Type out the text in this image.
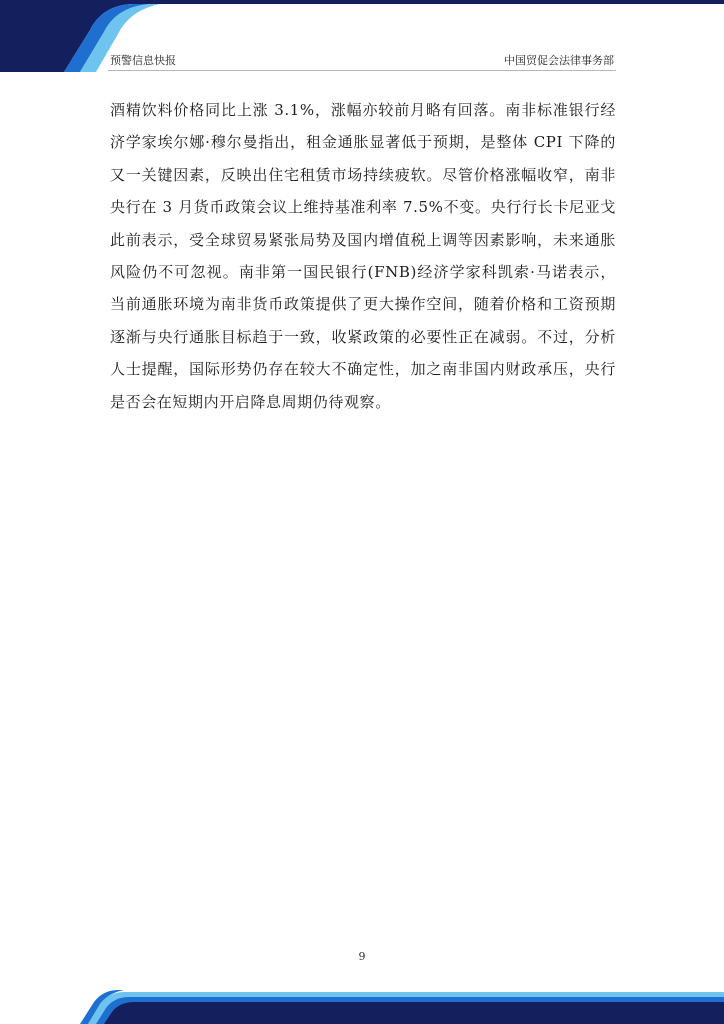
预警信息快报	中国贸促会法律事务部

酒精饮料价格同比上涨 3.1%，涨幅亦较前月略有回落。南非标准银行经济学家埃尔娜·穆尔曼指出，租金通胀显著低于预期，是整体 CPI 下降的又一关键因素，反映出住宅租赁市场持续疲软。尽管价格涨幅收窄，南非央行在 3 月货币政策会议上维持基准利率 7.5%不变。央行行长卡尼亚戈此前表示，受全球贸易紧张局势及国内增值税上调等因素影响，未来通胀风险仍不可忽视。南非第一国民银行(FNB)经济学家科凯索·马诺表示，当前通胀环境为南非货币政策提供了更大操作空间，随着价格和工资预期逐渐与央行通胀目标趋于一致，收紧政策的必要性正在减弱。不过，分析人士提醒，国际形势仍存在较大不确定性，加之南非国内财政承压，央行是否会在短期内开启降息周期仍待观察。

9
